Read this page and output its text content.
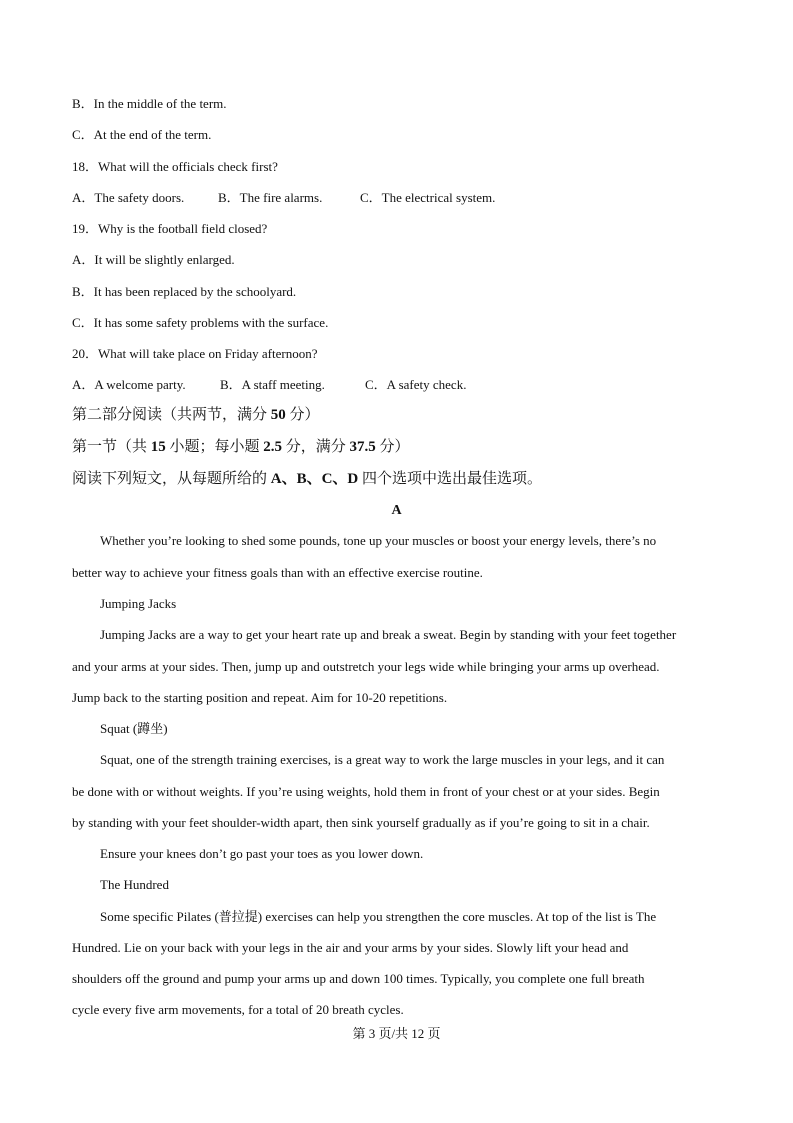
B．In the middle of the term.
C．At the end of the term.
18．What will the officials check first?
A．The safety doors.	B．The fire alarms.	C．The electrical system.
19．Why is the football field closed?
A．It will be slightly enlarged.
B．It has been replaced by the schoolyard.
C．It has some safety problems with the surface.
20．What will take place on Friday afternoon?
A．A welcome party.	B．A staff meeting.	C．A safety check.
第二部分阅读（共两节，满分 50 分）
第一节（共 15 小题；每小题 2.5 分，满分 37.5 分）
阅读下列短文，从每题所给的 A、B、C、D 四个选项中选出最佳选项。
A
Whether you’re looking to shed some pounds, tone up your muscles or boost your energy levels, there’s no
better way to achieve your fitness goals than with an effective exercise routine.
Jumping Jacks
Jumping Jacks are a way to get your heart rate up and break a sweat. Begin by standing with your feet together
and your arms at your sides. Then, jump up and outstretch your legs wide while bringing your arms up overhead.
Jump back to the starting position and repeat. Aim for 10-20 repetitions.
Squat (蹲坐)
Squat, one of the strength training exercises, is a great way to work the large muscles in your legs, and it can
be done with or without weights. If you’re using weights, hold them in front of your chest or at your sides. Begin
by standing with your feet shoulder-width apart, then sink yourself gradually as if you’re going to sit in a chair.
Ensure your knees don’t go past your toes as you lower down.
The Hundred
Some specific Pilates (普拉提) exercises can help you strengthen the core muscles. At top of the list is The
Hundred. Lie on your back with your legs in the air and your arms by your sides. Slowly lift your head and
shoulders off the ground and pump your arms up and down 100 times. Typically, you complete one full breath
cycle every five arm movements, for a total of 20 breath cycles.
第 3 页/共 12 页
